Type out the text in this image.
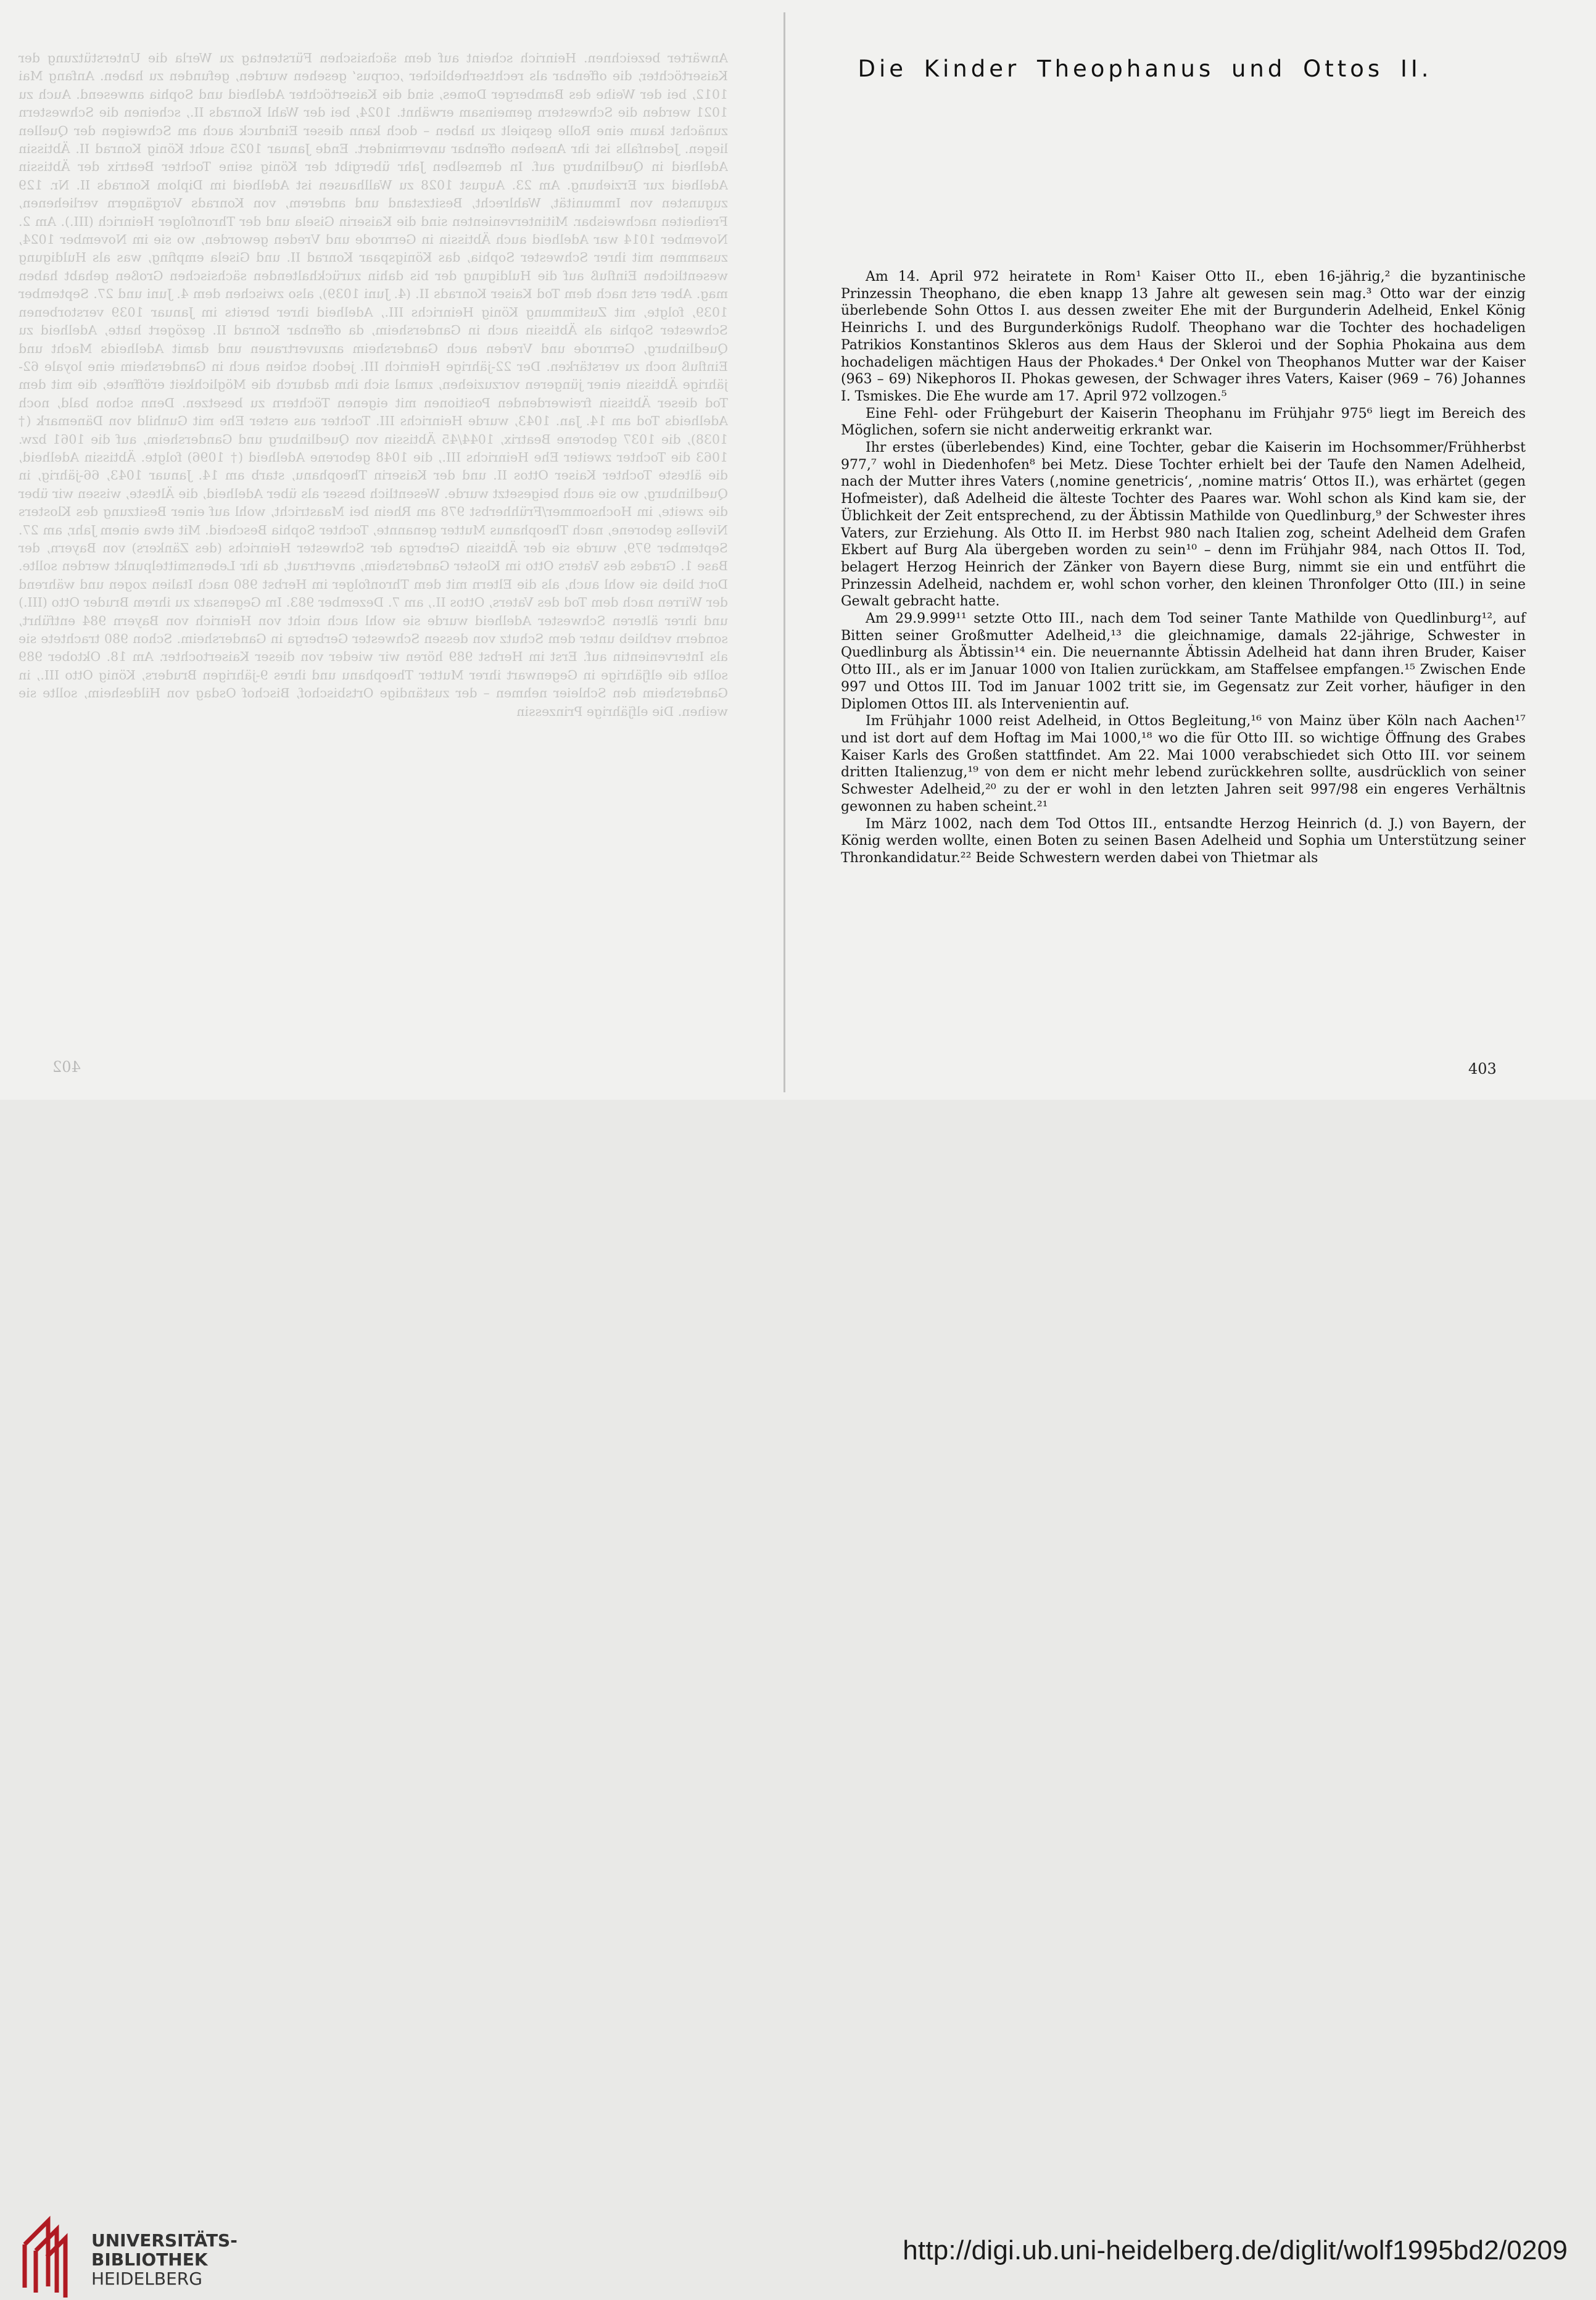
Anwärter bezeichnen. Heinrich scheint auf dem sächsischen Fürstentag zu Werla die Unterstützung der Kaisertöchter, die offenbar als rechtserheblicher ‚corpus‘ gesehen wurden, gefunden zu haben. Anfang Mai 1012, bei der Weihe des Bamberger Domes, sind die Kaisertöchter Adelheid und Sophia anwesend. Auch zu 1021 werden die Schwestern gemeinsam erwähnt. 1024, bei der Wahl Konrads II., scheinen die Schwestern zunächst kaum eine Rolle gespielt zu haben – doch kann dieser Eindruck auch am Schweigen der Quellen liegen. Jedenfalls ist ihr Ansehen offenbar unvermindert. Ende Januar 1025 sucht König Konrad II. Äbtissin Adelheid in Quedlinburg auf. In demselben Jahr übergibt der König seine Tochter Beatrix der Äbtissin Adelheid zur Erziehung. Am 23. August 1028 zu Wallhausen ist Adelheid im Diplom Konrads II. Nr. 129 zugunsten von Immunität, Wahlrecht, Besitzstand und anderem, von Konrads Vorgängern verliehenen, Freiheiten nachweisbar. Mitintervenienten sind die Kaiserin Gisela und der Thronfolger Heinrich (III.). Am 2. November 1014 war Adelheid auch Äbtissin in Gernrode und Vreden geworden, wo sie im November 1024, zusammen mit ihrer Schwester Sophia, das Königspaar Konrad II. und Gisela empfing, was als Huldigung wesentlichen Einfluß auf die Huldigung der bis dahin zurückhaltenden sächsischen Großen gehabt haben mag. Aber erst nach dem Tod Kaiser Konrads II. (4. Juni 1039), also zwischen dem 4. Juni und 27. September 1039, folgte, mit Zustimmung König Heinrichs III., Adelheid ihrer bereits im Januar 1039 verstorbenen Schwester Sophia als Äbtissin auch in Gandersheim, da offenbar Konrad II. gezögert hatte, Adelheid zu Quedlinburg, Gernrode und Vreden auch Gandersheim anzuvertrauen und damit Adelheids Macht und Einfluß noch zu verstärken. Der 22-jährige Heinrich III. jedoch schien auch in Gandersheim eine loyale 62-jährige Äbtissin einer jüngeren vorzuziehen, zumal sich ihm dadurch die Möglichkeit eröffnete, die mit dem Tod dieser Äbtissin freiwerdenden Positionen mit eigenen Töchtern zu besetzen. Denn schon bald, noch Adelheids Tod am 14. Jan. 1043, wurde Heinrichs III. Tochter aus erster Ehe mit Gunhild von Dänemark († 1038), die 1037 geborene Beatrix, 1044/45 Äbtissin von Quedlinburg und Gandersheim, auf die 1061 bzw. 1063 die Tochter zweiter Ehe Heinrichs III., die 1048 geborene Adelheid († 1096) folgte. Äbtissin Adelheid, die älteste Tochter Kaiser Ottos II. und der Kaiserin Theophanu, starb am 14. Januar 1043, 66-jährig, in Quedlinburg, wo sie auch beigesetzt wurde. Wesentlich besser als über Adelheid, die Älteste, wissen wir über die zweite, im Hochsommer/Frühherbst 978 am Rhein bei Maastricht, wohl auf einer Besitzung des Klosters Nivelles geborene, nach Theophanus Mutter genannte, Tochter Sophia Bescheid. Mit etwa einem Jahr, am 27. September 979, wurde sie der Äbtissin Gerberga der Schwester Heinrichs (des Zänkers) von Bayern, der Base 1. Grades des Vaters Otto im Kloster Gandersheim, anvertraut, da ihr Lebensmittelpunkt werden sollte. Dort blieb sie wohl auch, als die Eltern mit dem Thronfolger im Herbst 980 nach Italien zogen und während der Wirren nach dem Tod des Vaters, Ottos II., am 7. Dezember 983. Im Gegensatz zu ihrem Bruder Otto (III.) und ihrer älteren Schwester Adelheid wurde sie wohl auch nicht von Heinrich von Bayern 984 entführt, sondern verblieb unter dem Schutz von dessen Schwester Gerberga in Gandersheim. Schon 980 trachtete sie als Intervenientin auf. Erst im Herbst 989 hören wir wieder von dieser Kaisertochter. Am 18. Oktober 989 sollte die elfjährige in Gegenwart ihrer Mutter Theophanu und ihres 9-jährigen Bruders, König Otto III., in Gandersheim den Schleier nehmen – der zuständige Ortsbischof, Bischof Osdag von Hildesheim, sollte sie weihen. Die elfjährige Prinzessin

402
Die Kinder Theophanus und Ottos II.

Am 14. April 972 heiratete in Rom¹ Kaiser Otto II., eben 16-jährig,² die byzantinische Prinzessin Theophano, die eben knapp 13 Jahre alt gewesen sein mag.³ Otto war der einzig überlebende Sohn Ottos I. aus dessen zweiter Ehe mit der Burgunderin Adelheid, Enkel König Heinrichs I. und des Burgunderkönigs Rudolf. Theophano war die Tochter des hochadeligen Patrikios Konstantinos Skleros aus dem Haus der Skleroi und der Sophia Phokaina aus dem hochadeligen mächtigen Haus der Phokades.⁴ Der Onkel von Theophanos Mutter war der Kaiser (963 – 69) Nikephoros II. Phokas gewesen, der Schwager ihres Vaters, Kaiser (969 – 76) Johannes I. Tsmiskes. Die Ehe wurde am 17. April 972 vollzogen.⁵

Eine Fehl- oder Frühgeburt der Kaiserin Theophanu im Frühjahr 975⁶ liegt im Bereich des Möglichen, sofern sie nicht anderweitig erkrankt war.

Ihr erstes (überlebendes) Kind, eine Tochter, gebar die Kaiserin im Hochsommer/Frühherbst 977,⁷ wohl in Diedenhofen⁸ bei Metz. Diese Tochter erhielt bei der Taufe den Namen Adelheid, nach der Mutter ihres Vaters (‚nomine genetricis‘, ‚nomine matris‘ Ottos II.), was erhärtet (gegen Hofmeister), daß Adelheid die älteste Tochter des Paares war. Wohl schon als Kind kam sie, der Üblichkeit der Zeit entsprechend, zu der Äbtissin Mathilde von Quedlinburg,⁹ der Schwester ihres Vaters, zur Erziehung. Als Otto II. im Herbst 980 nach Italien zog, scheint Adelheid dem Grafen Ekbert auf Burg Ala übergeben worden zu sein¹⁰ – denn im Frühjahr 984, nach Ottos II. Tod, belagert Herzog Heinrich der Zänker von Bayern diese Burg, nimmt sie ein und entführt die Prinzessin Adelheid, nachdem er, wohl schon vorher, den kleinen Thronfolger Otto (III.) in seine Gewalt gebracht hatte.

Am 29.9.999¹¹ setzte Otto III., nach dem Tod seiner Tante Mathilde von Quedlinburg¹², auf Bitten seiner Großmutter Adelheid,¹³ die gleichnamige, damals 22-jährige, Schwester in Quedlinburg als Äbtissin¹⁴ ein. Die neuernannte Äbtissin Adelheid hat dann ihren Bruder, Kaiser Otto III., als er im Januar 1000 von Italien zurückkam, am Staffelsee empfangen.¹⁵ Zwischen Ende 997 und Ottos III. Tod im Januar 1002 tritt sie, im Gegensatz zur Zeit vorher, häufiger in den Diplomen Ottos III. als Intervenientin auf.

Im Frühjahr 1000 reist Adelheid, in Ottos Begleitung,¹⁶ von Mainz über Köln nach Aachen¹⁷ und ist dort auf dem Hoftag im Mai 1000,¹⁸ wo die für Otto III. so wichtige Öffnung des Grabes Kaiser Karls des Großen stattfindet. Am 22. Mai 1000 verabschiedet sich Otto III. vor seinem dritten Italienzug,¹⁹ von dem er nicht mehr lebend zurückkehren sollte, ausdrücklich von seiner Schwester Adelheid,²⁰ zu der er wohl in den letzten Jahren seit 997/98 ein engeres Verhältnis gewonnen zu haben scheint.²¹

Im März 1002, nach dem Tod Ottos III., entsandte Herzog Heinrich (d. J.) von Bayern, der König werden wollte, einen Boten zu seinen Basen Adelheid und Sophia um Unterstützung seiner Thronkandidatur.²² Beide Schwestern werden dabei von Thietmar als

403
UNIVERSITÄTS-
BIBLIOTHEK
HEIDELBERG
http://digi.ub.uni-heidelberg.de/diglit/wolf1995bd2/0209
